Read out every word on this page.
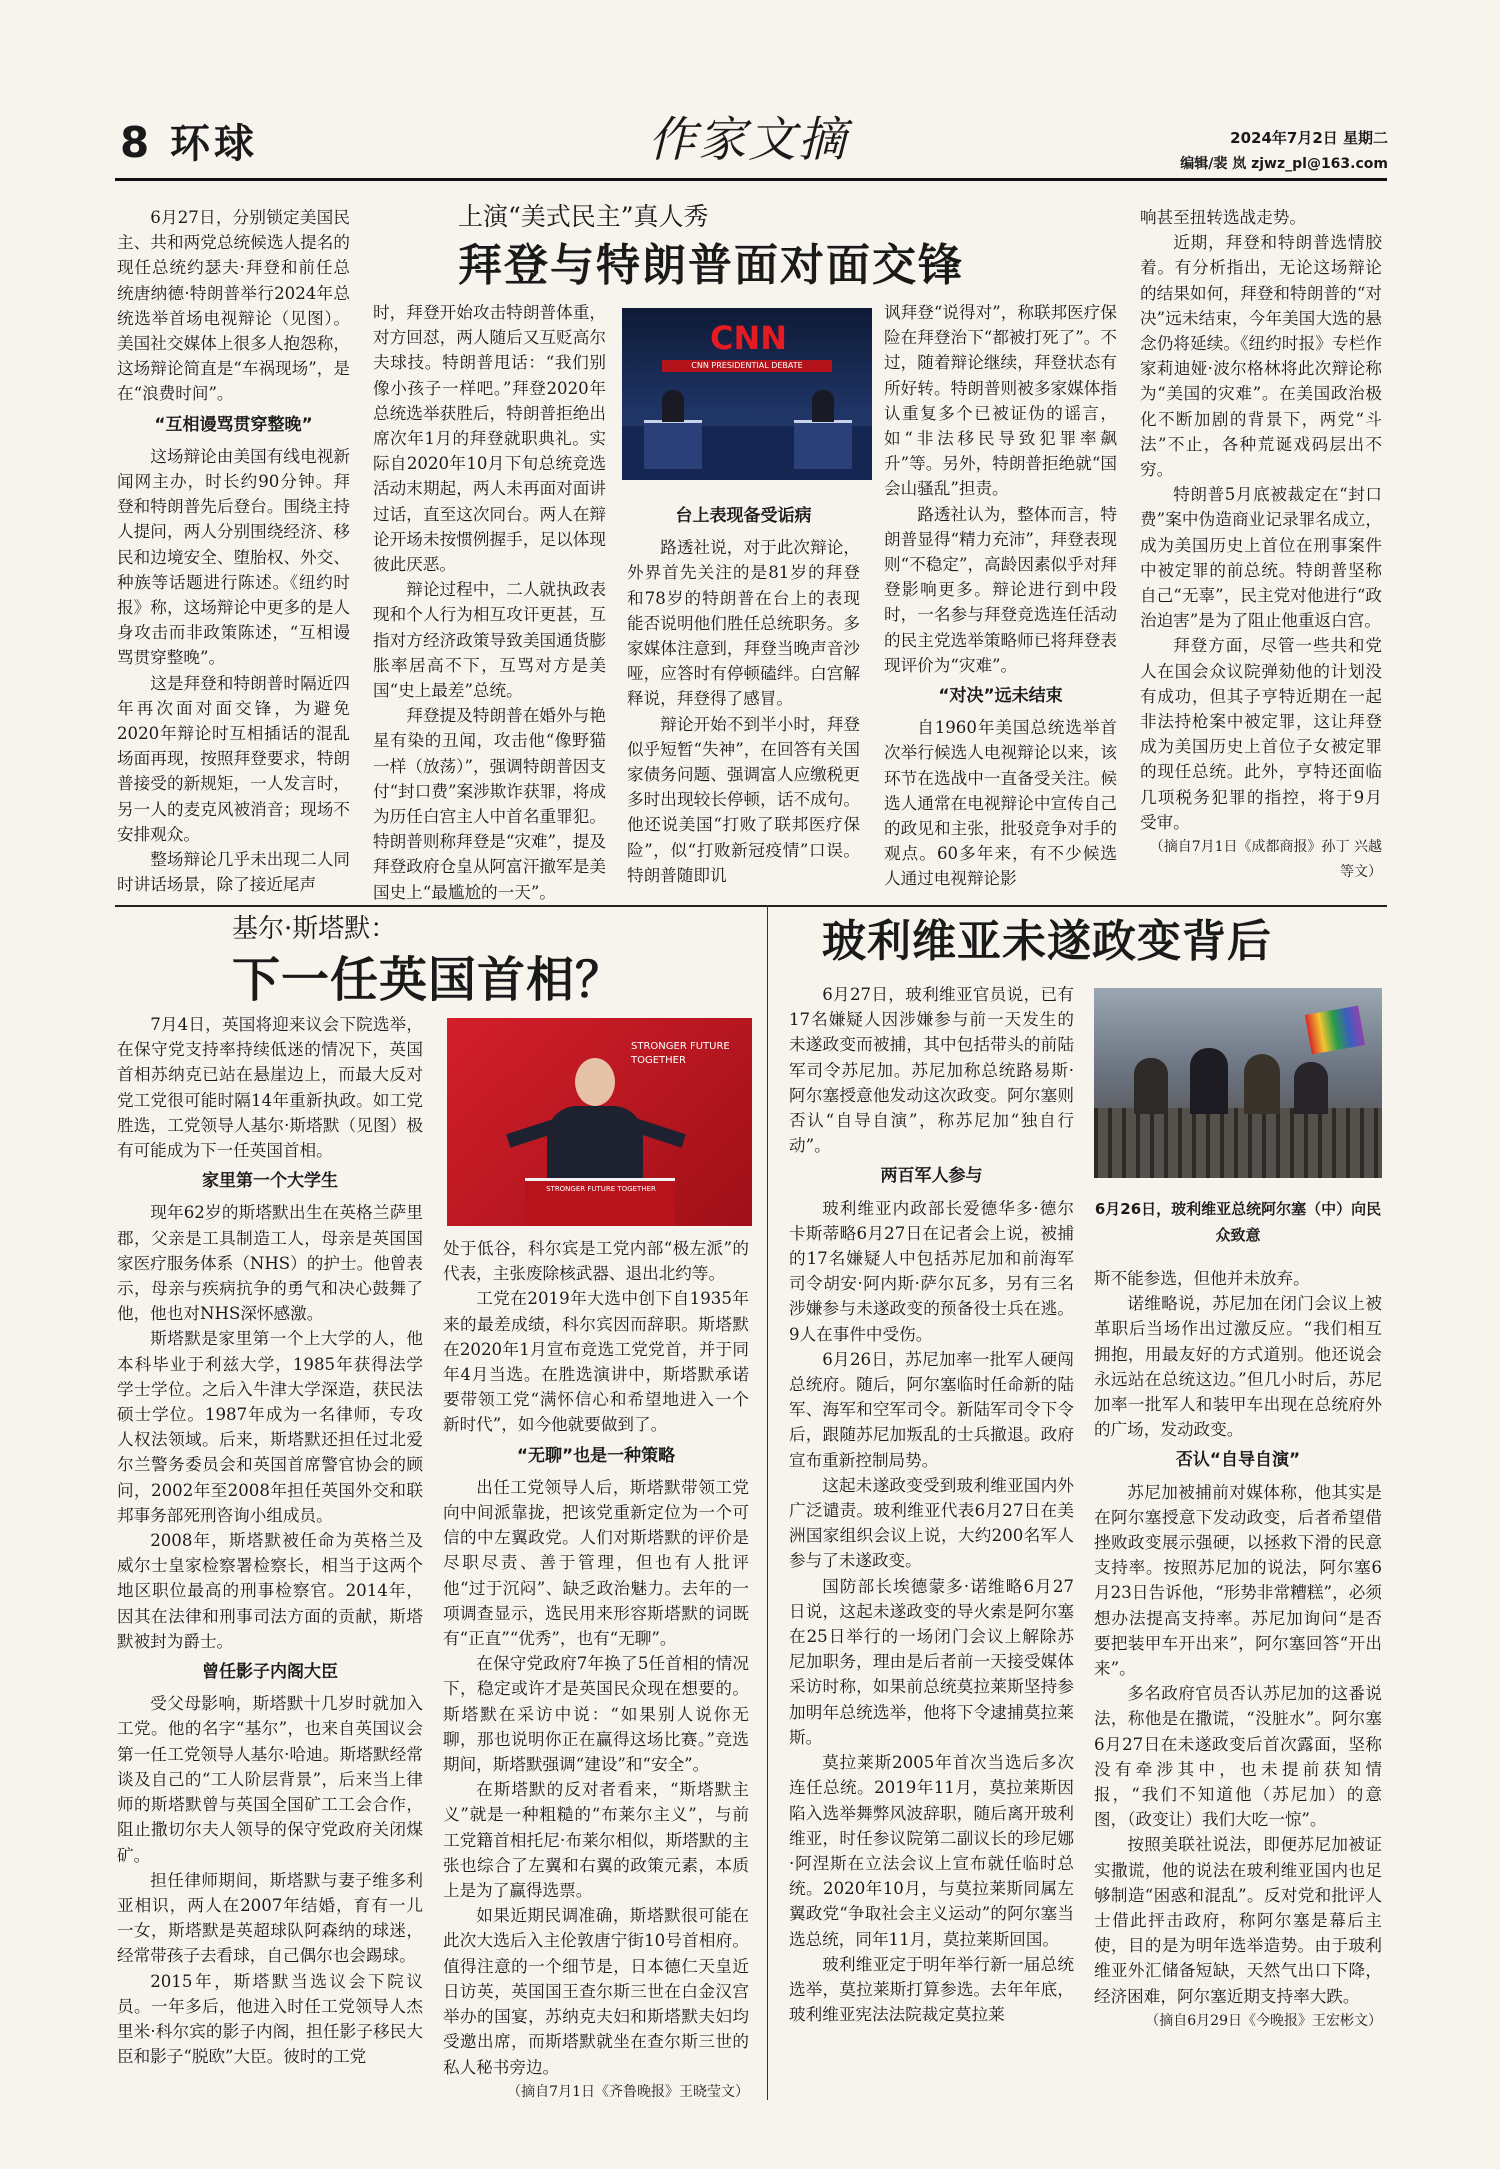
8 环球	作家文摘	2024年7月2日 星期二
编辑/裴 岚 zjwz_pl@163.com
上演“美式民主”真人秀
拜登与特朗普面对面交锋

6月27日，分别锁定美国民主、共和两党总统候选人提名的现任总统约瑟夫·拜登和前任总统唐纳德·特朗普举行2024年总统选举首场电视辩论（见图）。美国社交媒体上很多人抱怨称，这场辩论简直是“车祸现场”，是在“浪费时间”。

“互相谩骂贯穿整晚”

这场辩论由美国有线电视新闻网主办，时长约90分钟。拜登和特朗普先后登台。围绕主持人提问，两人分别围绕经济、移民和边境安全、堕胎权、外交、种族等话题进行陈述。《纽约时报》称，这场辩论中更多的是人身攻击而非政策陈述，“互相谩骂贯穿整晚”。

这是拜登和特朗普时隔近四年再次面对面交锋，为避免2020年辩论时互相插话的混乱场面再现，按照拜登要求，特朗普接受的新规矩，一人发言时，另一人的麦克风被消音；现场不安排观众。

整场辩论几乎未出现二人同时讲话场景，除了接近尾声

时，拜登开始攻击特朗普体重，对方回怼，两人随后又互贬高尔夫球技。特朗普甩话：“我们别像小孩子一样吧。”拜登2020年总统选举获胜后，特朗普拒绝出席次年1月的拜登就职典礼。实际自2020年10月下旬总统竞选活动末期起，两人未再面对面讲过话，直至这次同台。两人在辩论开场未按惯例握手，足以体现彼此厌恶。

辩论过程中，二人就执政表现和个人行为相互攻讦更甚，互指对方经济政策导致美国通货膨胀率居高不下，互骂对方是美国“史上最差”总统。

拜登提及特朗普在婚外与艳星有染的丑闻，攻击他“像野猫一样（放荡）”，强调特朗普因支付“封口费”案涉欺诈获罪，将成为历任白宫主人中首名重罪犯。特朗普则称拜登是“灾难”，提及拜登政府仓皇从阿富汗撤军是美国史上“最尴尬的一天”。

CNN
CNN PRESIDENTIAL DEBATE

台上表现备受诟病

路透社说，对于此次辩论，外界首先关注的是81岁的拜登和78岁的特朗普在台上的表现能否说明他们胜任总统职务。多家媒体注意到，拜登当晚声音沙哑，应答时有停顿磕绊。白宫解释说，拜登得了感冒。

辩论开始不到半小时，拜登似乎短暂“失神”，在回答有关国家债务问题、强调富人应缴税更多时出现较长停顿，话不成句。他还说美国“打败了联邦医疗保险”，似“打败新冠疫情”口误。特朗普随即讥

讽拜登“说得对”，称联邦医疗保险在拜登治下“都被打死了”。不过，随着辩论继续，拜登状态有所好转。特朗普则被多家媒体指认重复多个已被证伪的谣言，如“非法移民导致犯罪率飙升”等。另外，特朗普拒绝就“国会山骚乱”担责。

路透社认为，整体而言，特朗普显得“精力充沛”，拜登表现则“不稳定”，高龄因素似乎对拜登影响更多。辩论进行到中段时，一名参与拜登竞选连任活动的民主党选举策略师已将拜登表现评价为“灾难”。

“对决”远未结束

自1960年美国总统选举首次举行候选人电视辩论以来，该环节在选战中一直备受关注。候选人通常在电视辩论中宣传自己的政见和主张，批驳竞争对手的观点。60多年来，有不少候选人通过电视辩论影

响甚至扭转选战走势。

近期，拜登和特朗普选情胶着。有分析指出，无论这场辩论的结果如何，拜登和特朗普的“对决”远未结束，今年美国大选的悬念仍将延续。《纽约时报》专栏作家莉迪娅·波尔格林将此次辩论称为“美国的灾难”。在美国政治极化不断加剧的背景下，两党“斗法”不止，各种荒诞戏码层出不穷。

特朗普5月底被裁定在“封口费”案中伪造商业记录罪名成立，成为美国历史上首位在刑事案件中被定罪的前总统。特朗普坚称自己“无辜”，民主党对他进行“政治迫害”是为了阻止他重返白宫。

拜登方面，尽管一些共和党人在国会众议院弹劾他的计划没有成功，但其子亨特近期在一起非法持枪案中被定罪，这让拜登成为美国历史上首位子女被定罪的现任总统。此外，亨特还面临几项税务犯罪的指控，将于9月受审。

（摘自7月1日《成都商报》孙丁 兴越等文）

基尔·斯塔默：
下一任英国首相？

7月4日，英国将迎来议会下院选举，在保守党支持率持续低迷的情况下，英国首相苏纳克已站在悬崖边上，而最大反对党工党很可能时隔14年重新执政。如工党胜选，工党领导人基尔·斯塔默（见图）极有可能成为下一任英国首相。

家里第一个大学生

现年62岁的斯塔默出生在英格兰萨里郡，父亲是工具制造工人，母亲是英国国家医疗服务体系（NHS）的护士。他曾表示，母亲与疾病抗争的勇气和决心鼓舞了他，他也对NHS深怀感激。

斯塔默是家里第一个上大学的人，他本科毕业于利兹大学，1985年获得法学学士学位。之后入牛津大学深造，获民法硕士学位。1987年成为一名律师，专攻人权法领域。后来，斯塔默还担任过北爱尔兰警务委员会和英国首席警官协会的顾问，2002年至2008年担任英国外交和联邦事务部死刑咨询小组成员。

2008年，斯塔默被任命为英格兰及威尔士皇家检察署检察长，相当于这两个地区职位最高的刑事检察官。2014年，因其在法律和刑事司法方面的贡献，斯塔默被封为爵士。

曾任影子内阁大臣

受父母影响，斯塔默十几岁时就加入工党。他的名字“基尔”，也来自英国议会第一任工党领导人基尔·哈迪。斯塔默经常谈及自己的“工人阶层背景”，后来当上律师的斯塔默曾与英国全国矿工工会合作，阻止撒切尔夫人领导的保守党政府关闭煤矿。

担任律师期间，斯塔默与妻子维多利亚相识，两人在2007年结婚，育有一儿一女，斯塔默是英超球队阿森纳的球迷，经常带孩子去看球，自己偶尔也会踢球。

2015年，斯塔默当选议会下院议员。一年多后，他进入时任工党领导人杰里米·科尔宾的影子内阁，担任影子移民大臣和影子“脱欧”大臣。彼时的工党

STRONGER FUTURE TOGETHER
STRONGER FUTURE TOGETHER

处于低谷，科尔宾是工党内部“极左派”的代表，主张废除核武器、退出北约等。

工党在2019年大选中创下自1935年来的最差成绩，科尔宾因而辞职。斯塔默在2020年1月宣布竞选工党党首，并于同年4月当选。在胜选演讲中，斯塔默承诺要带领工党“满怀信心和希望地进入一个新时代”，如今他就要做到了。

“无聊”也是一种策略

出任工党领导人后，斯塔默带领工党向中间派靠拢，把该党重新定位为一个可信的中左翼政党。人们对斯塔默的评价是尽职尽责、善于管理，但也有人批评他“过于沉闷”、缺乏政治魅力。去年的一项调查显示，选民用来形容斯塔默的词既有“正直”“优秀”，也有“无聊”。

在保守党政府7年换了5任首相的情况下，稳定或许才是英国民众现在想要的。斯塔默在采访中说：“如果别人说你无聊，那也说明你正在赢得这场比赛。”竞选期间，斯塔默强调“建设”和“安全”。

在斯塔默的反对者看来，“斯塔默主义”就是一种粗糙的“布莱尔主义”，与前工党籍首相托尼·布莱尔相似，斯塔默的主张也综合了左翼和右翼的政策元素，本质上是为了赢得选票。

如果近期民调准确，斯塔默很可能在此次大选后入主伦敦唐宁街10号首相府。值得注意的一个细节是，日本德仁天皇近日访英，英国国王查尔斯三世在白金汉宫举办的国宴，苏纳克夫妇和斯塔默夫妇均受邀出席，而斯塔默就坐在查尔斯三世的私人秘书旁边。

（摘自7月1日《齐鲁晚报》王晓莹文）

玻利维亚未遂政变背后

6月27日，玻利维亚官员说，已有17名嫌疑人因涉嫌参与前一天发生的未遂政变而被捕，其中包括带头的前陆军司令苏尼加。苏尼加称总统路易斯·阿尔塞授意他发动这次政变。阿尔塞则否认“自导自演”，称苏尼加“独自行动”。

两百军人参与

玻利维亚内政部长爱德华多·德尔卡斯蒂略6月27日在记者会上说，被捕的17名嫌疑人中包括苏尼加和前海军司令胡安·阿内斯·萨尔瓦多，另有三名涉嫌参与未遂政变的预备役士兵在逃。9人在事件中受伤。

6月26日，苏尼加率一批军人硬闯总统府。随后，阿尔塞临时任命新的陆军、海军和空军司令。新陆军司令下令后，跟随苏尼加叛乱的士兵撤退。政府宣布重新控制局势。

这起未遂政变受到玻利维亚国内外广泛谴责。玻利维亚代表6月27日在美洲国家组织会议上说，大约200名军人参与了未遂政变。

国防部长埃德蒙多·诺维略6月27日说，这起未遂政变的导火索是阿尔塞在25日举行的一场闭门会议上解除苏尼加职务，理由是后者前一天接受媒体采访时称，如果前总统莫拉莱斯坚持参加明年总统选举，他将下令逮捕莫拉莱斯。

莫拉莱斯2005年首次当选后多次连任总统。2019年11月，莫拉莱斯因陷入选举舞弊风波辞职，随后离开玻利维亚，时任参议院第二副议长的珍尼娜·阿涅斯在立法会议上宣布就任临时总统。2020年10月，与莫拉莱斯同属左翼政党“争取社会主义运动”的阿尔塞当选总统，同年11月，莫拉莱斯回国。

玻利维亚定于明年举行新一届总统选举，莫拉莱斯打算参选。去年年底，玻利维亚宪法法院裁定莫拉莱

6月26日，玻利维亚总统阿尔塞（中）向民众致意

斯不能参选，但他并未放弃。

诺维略说，苏尼加在闭门会议上被革职后当场作出过激反应。“我们相互拥抱，用最友好的方式道别。他还说会永远站在总统这边。”但几小时后，苏尼加率一批军人和装甲车出现在总统府外的广场，发动政变。

否认“自导自演”

苏尼加被捕前对媒体称，他其实是在阿尔塞授意下发动政变，后者希望借挫败政变展示强硬，以拯救下滑的民意支持率。按照苏尼加的说法，阿尔塞6月23日告诉他，“形势非常糟糕”，必须想办法提高支持率。苏尼加询问“是否要把装甲车开出来”，阿尔塞回答“开出来”。

多名政府官员否认苏尼加的这番说法，称他是在撒谎，“没脏水”。阿尔塞6月27日在未遂政变后首次露面，坚称没有牵涉其中，也未提前获知情报，“我们不知道他（苏尼加）的意图，（政变让）我们大吃一惊”。

按照美联社说法，即便苏尼加被证实撒谎，他的说法在玻利维亚国内也足够制造“困惑和混乱”。反对党和批评人士借此抨击政府，称阿尔塞是幕后主使，目的是为明年选举造势。由于玻利维亚外汇储备短缺，天然气出口下降，经济困难，阿尔塞近期支持率大跌。

（摘自6月29日《今晚报》王宏彬文）
